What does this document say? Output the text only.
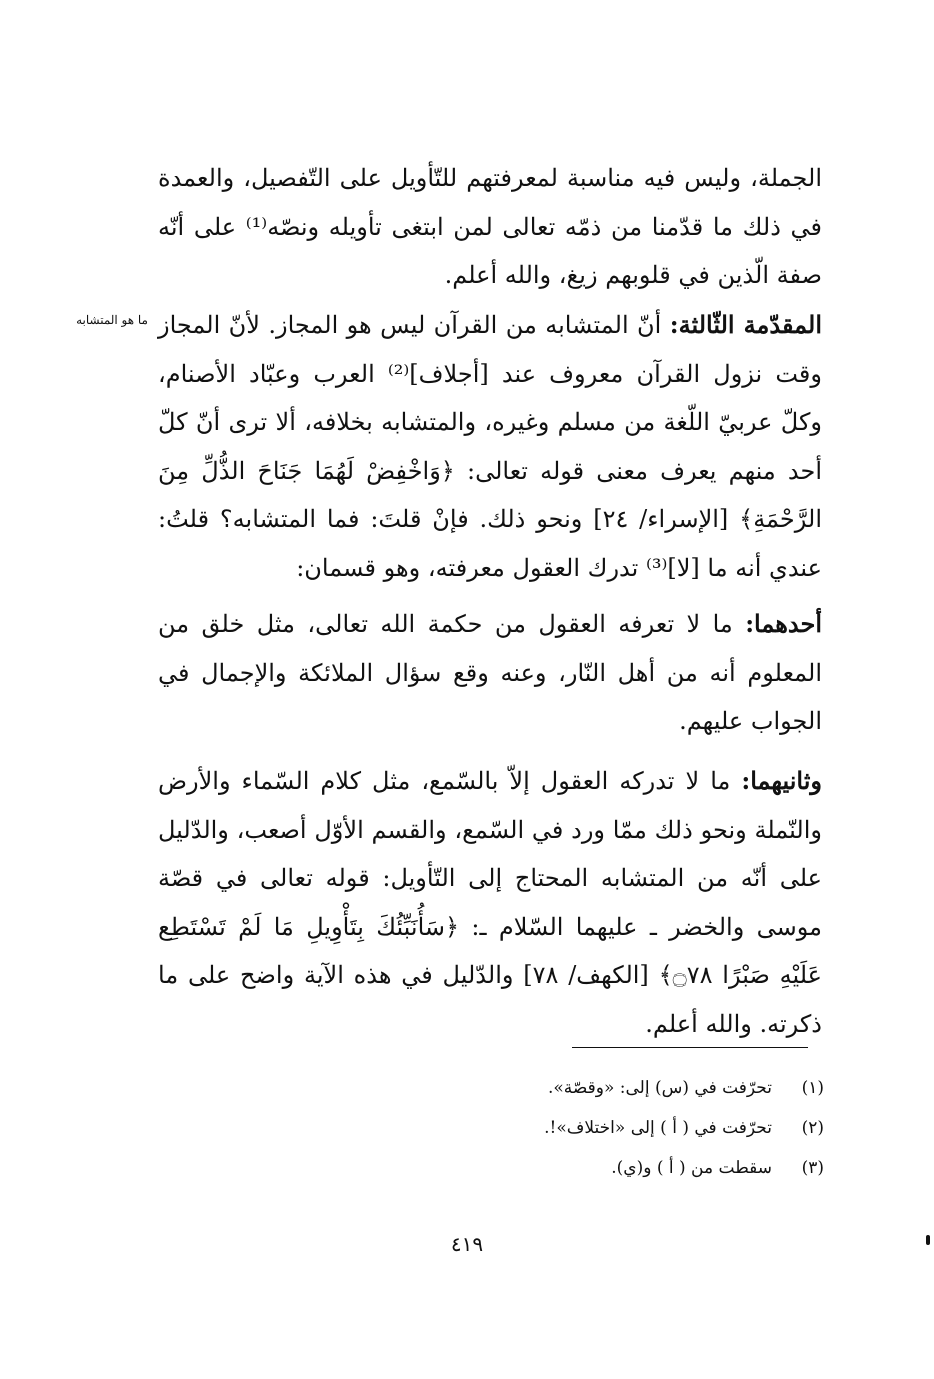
الجملة، وليس فيه مناسبة لمعرفتهم للتّأويل على التّفصيل، والعمدة في ذلك ما قدّمنا من ذمّه تعالى لمن ابتغى تأويله ونصّه⁽¹⁾ على أنّه صفة الّذين في قلوبهم زيغ، والله أعلم.

ما هو المتشابه	المقدّمة الثّالثة: أنّ المتشابه من القرآن ليس هو المجاز. لأنّ المجاز وقت نزول القرآن معروف عند [أجلاف]⁽²⁾ العرب وعبّاد الأصنام، وكلّ عربيّ اللّغة من مسلم وغيره، والمتشابه بخلافه، ألا ترى أنّ كلّ أحد منهم يعرف معنى قوله تعالى: ﴿وَاخْفِضْ لَهُمَا جَنَاحَ الذُّلِّ مِنَ الرَّحْمَةِ﴾ [الإسراء/ ٢٤] ونحو ذلك. فإنْ قلتَ: فما المتشابه؟ قلتُ: عندي أنه ما [لا]⁽³⁾ تدرك العقول معرفته، وهو قسمان:

أحدهما: ما لا تعرفه العقول من حكمة الله تعالى، مثل خلق من المعلوم أنه من أهل النّار، وعنه وقع سؤال الملائكة والإجمال في الجواب عليهم.

وثانيهما: ما لا تدركه العقول إلاّ بالسّمع، مثل كلام السّماء والأرض والنّملة ونحو ذلك ممّا ورد في السّمع، والقسم الأوّل أصعب، والدّليل على أنّه من المتشابه المحتاج إلى التّأويل: قوله تعالى في قصّة موسى والخضر ـ عليهما السّلام ـ: ﴿سَأُنَبِّئُكَ بِتَأْوِيلِ مَا لَمْ تَسْتَطِع عَلَيْهِ صَبْرًا ۝٧٨﴾ [الكهف/ ٧٨] والدّليل في هذه الآية واضح على ما ذكرته. والله أعلم.

(١)تحرّفت في (س) إلى: «وقصّة».
(٢)تحرّفت في ( أ ) إلى «اختلاف»!.
(٣)سقطت من ( أ ) و(ي).
٤١٩
